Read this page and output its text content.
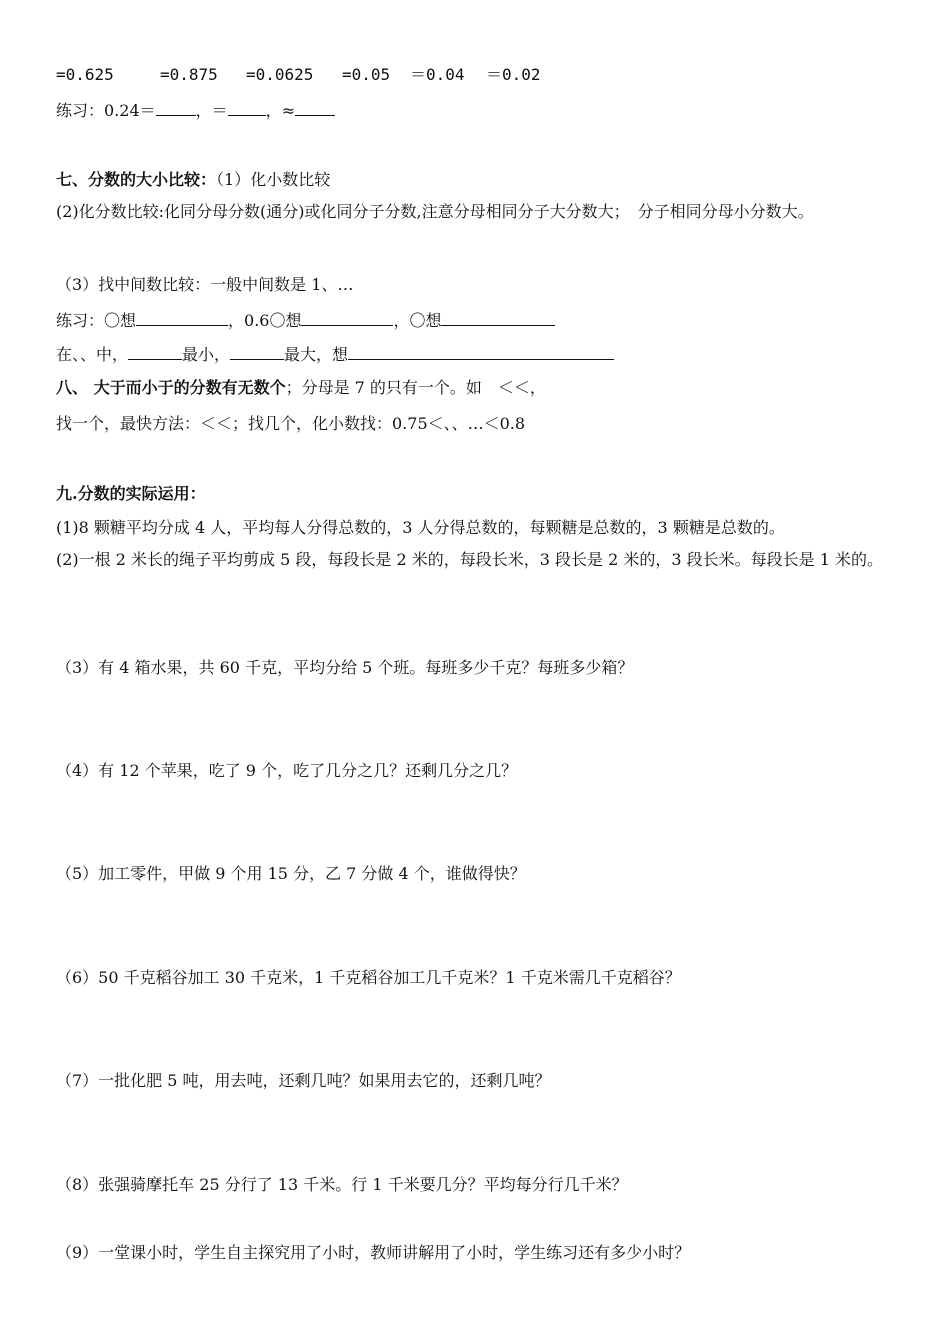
=0.625	=0.875 =0.0625 =0.05 ＝0.04 ＝0.02
练习：0.24＝	，＝ ，≈
七、分数的大小比较：（1）化小数比较
(2)化分数比较:化同分母分数(通分)或化同分子分数,注意分母相同分子大分数大；　分子相同分母小分数大。
（3）找中间数比较：一般中间数是 1、…
练习：〇想	，0.6〇想	，〇想
在、、中，	最小，	最大，想
八、 大于而小于的分数有无数个；分母是 7 的只有一个。如　＜＜，
找一个，最快方法：＜＜；找几个，化小数找：0.75＜、、…＜0.8
九.分数的实际运用：
(1)8 颗糖平均分成 4 人，平均每人分得总数的，3 人分得总数的，每颗糖是总数的，3 颗糖是总数的。
(2)一根 2 米长的绳子平均剪成 5 段，每段长是 2 米的，每段长米，3 段长是 2 米的，3 段长米。每段长是 1 米的。
（3）有 4 箱水果，共 60 千克，平均分给 5 个班。每班多少千克？每班多少箱？
（4）有 12 个苹果，吃了 9 个，吃了几分之几？还剩几分之几？
（5）加工零件，甲做 9 个用 15 分，乙 7 分做 4 个，谁做得快？
（6）50 千克稻谷加工 30 千克米，1 千克稻谷加工几千克米？1 千克米需几千克稻谷？
（7）一批化肥 5 吨，用去吨，还剩几吨？如果用去它的，还剩几吨？
（8）张强骑摩托车 25 分行了 13 千米。行 1 千米要几分？平均每分行几千米？
（9）一堂课小时，学生自主探究用了小时，教师讲解用了小时，学生练习还有多少小时？
